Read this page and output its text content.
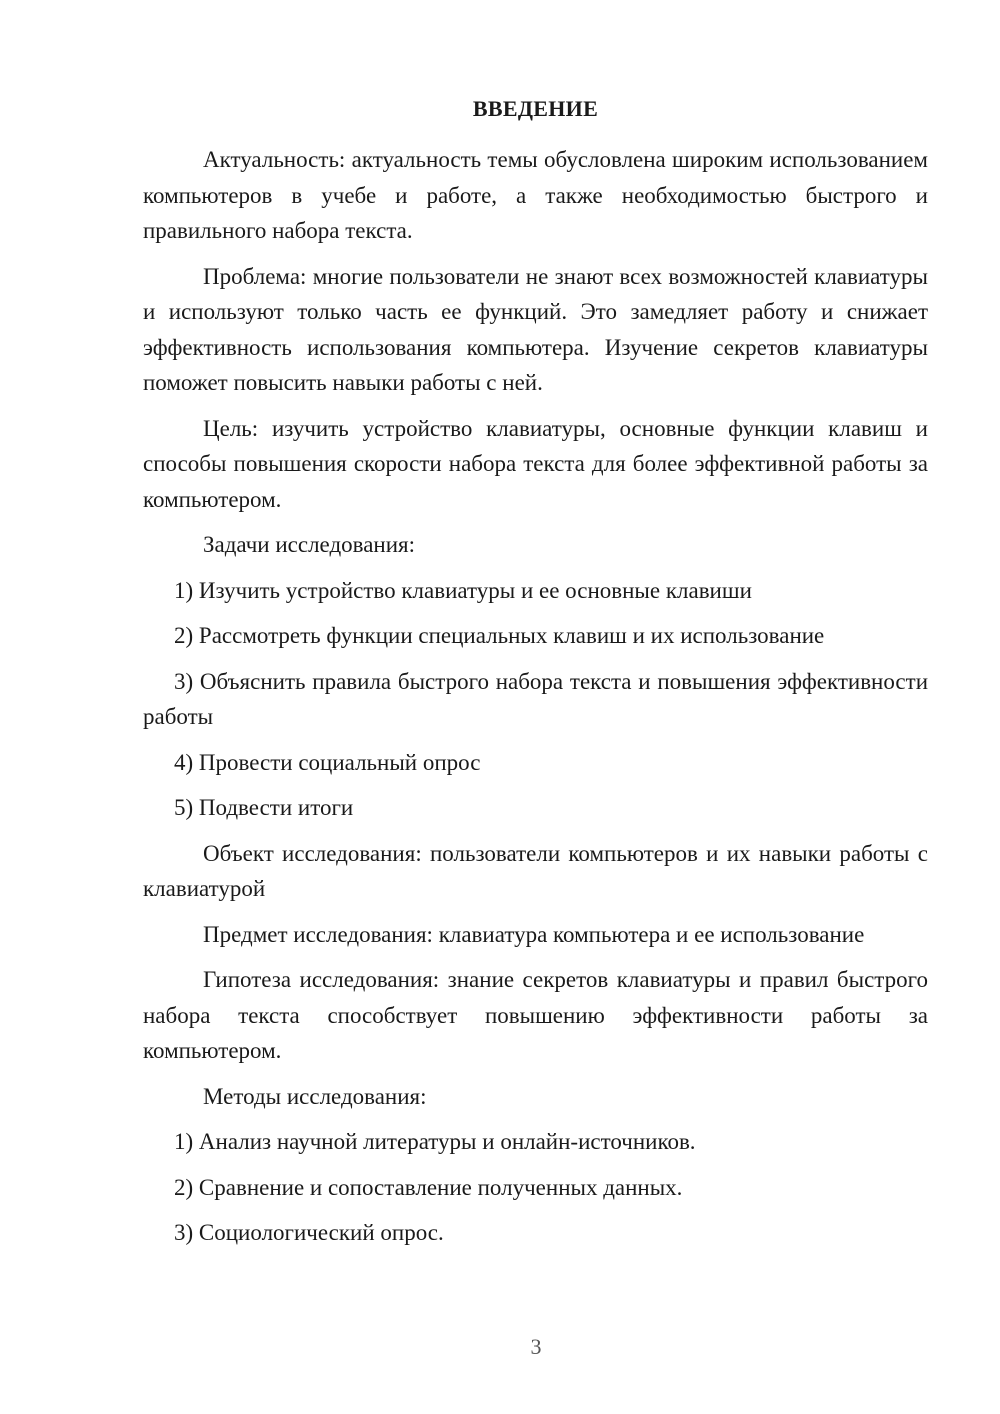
ВВЕДЕНИЕ

Актуальность: актуальность темы обусловлена широким использованием компьютеров в учебе и работе, а также необходимостью быстрого и правильного набора текста.

Проблема: многие пользователи не знают всех возможностей клавиатуры и используют только часть ее функций. Это замедляет работу и снижает эффективность использования компьютера. Изучение секретов клавиатуры поможет повысить навыки работы с ней.

Цель: изучить устройство клавиатуры, основные функции клавиш и способы повышения скорости набора текста для более эффективной работы за компьютером.

Задачи исследования:

1) Изучить устройство клавиатуры и ее основные клавиши

2) Рассмотреть функции специальных клавиш и их использование

3) Объяснить правила быстрого набора текста и повышения эффективности работы

4) Провести социальный опрос

5) Подвести итоги

Объект исследования: пользователи компьютеров и их навыки работы с клавиатурой

Предмет исследования: клавиатура компьютера и ее использование

Гипотеза исследования: знание секретов клавиатуры и правил быстрого набора текста способствует повышению эффективности работы за компьютером.

Методы исследования:

1) Анализ научной литературы и онлайн-источников.

2) Сравнение и сопоставление полученных данных.

3) Социологический опрос.

3
